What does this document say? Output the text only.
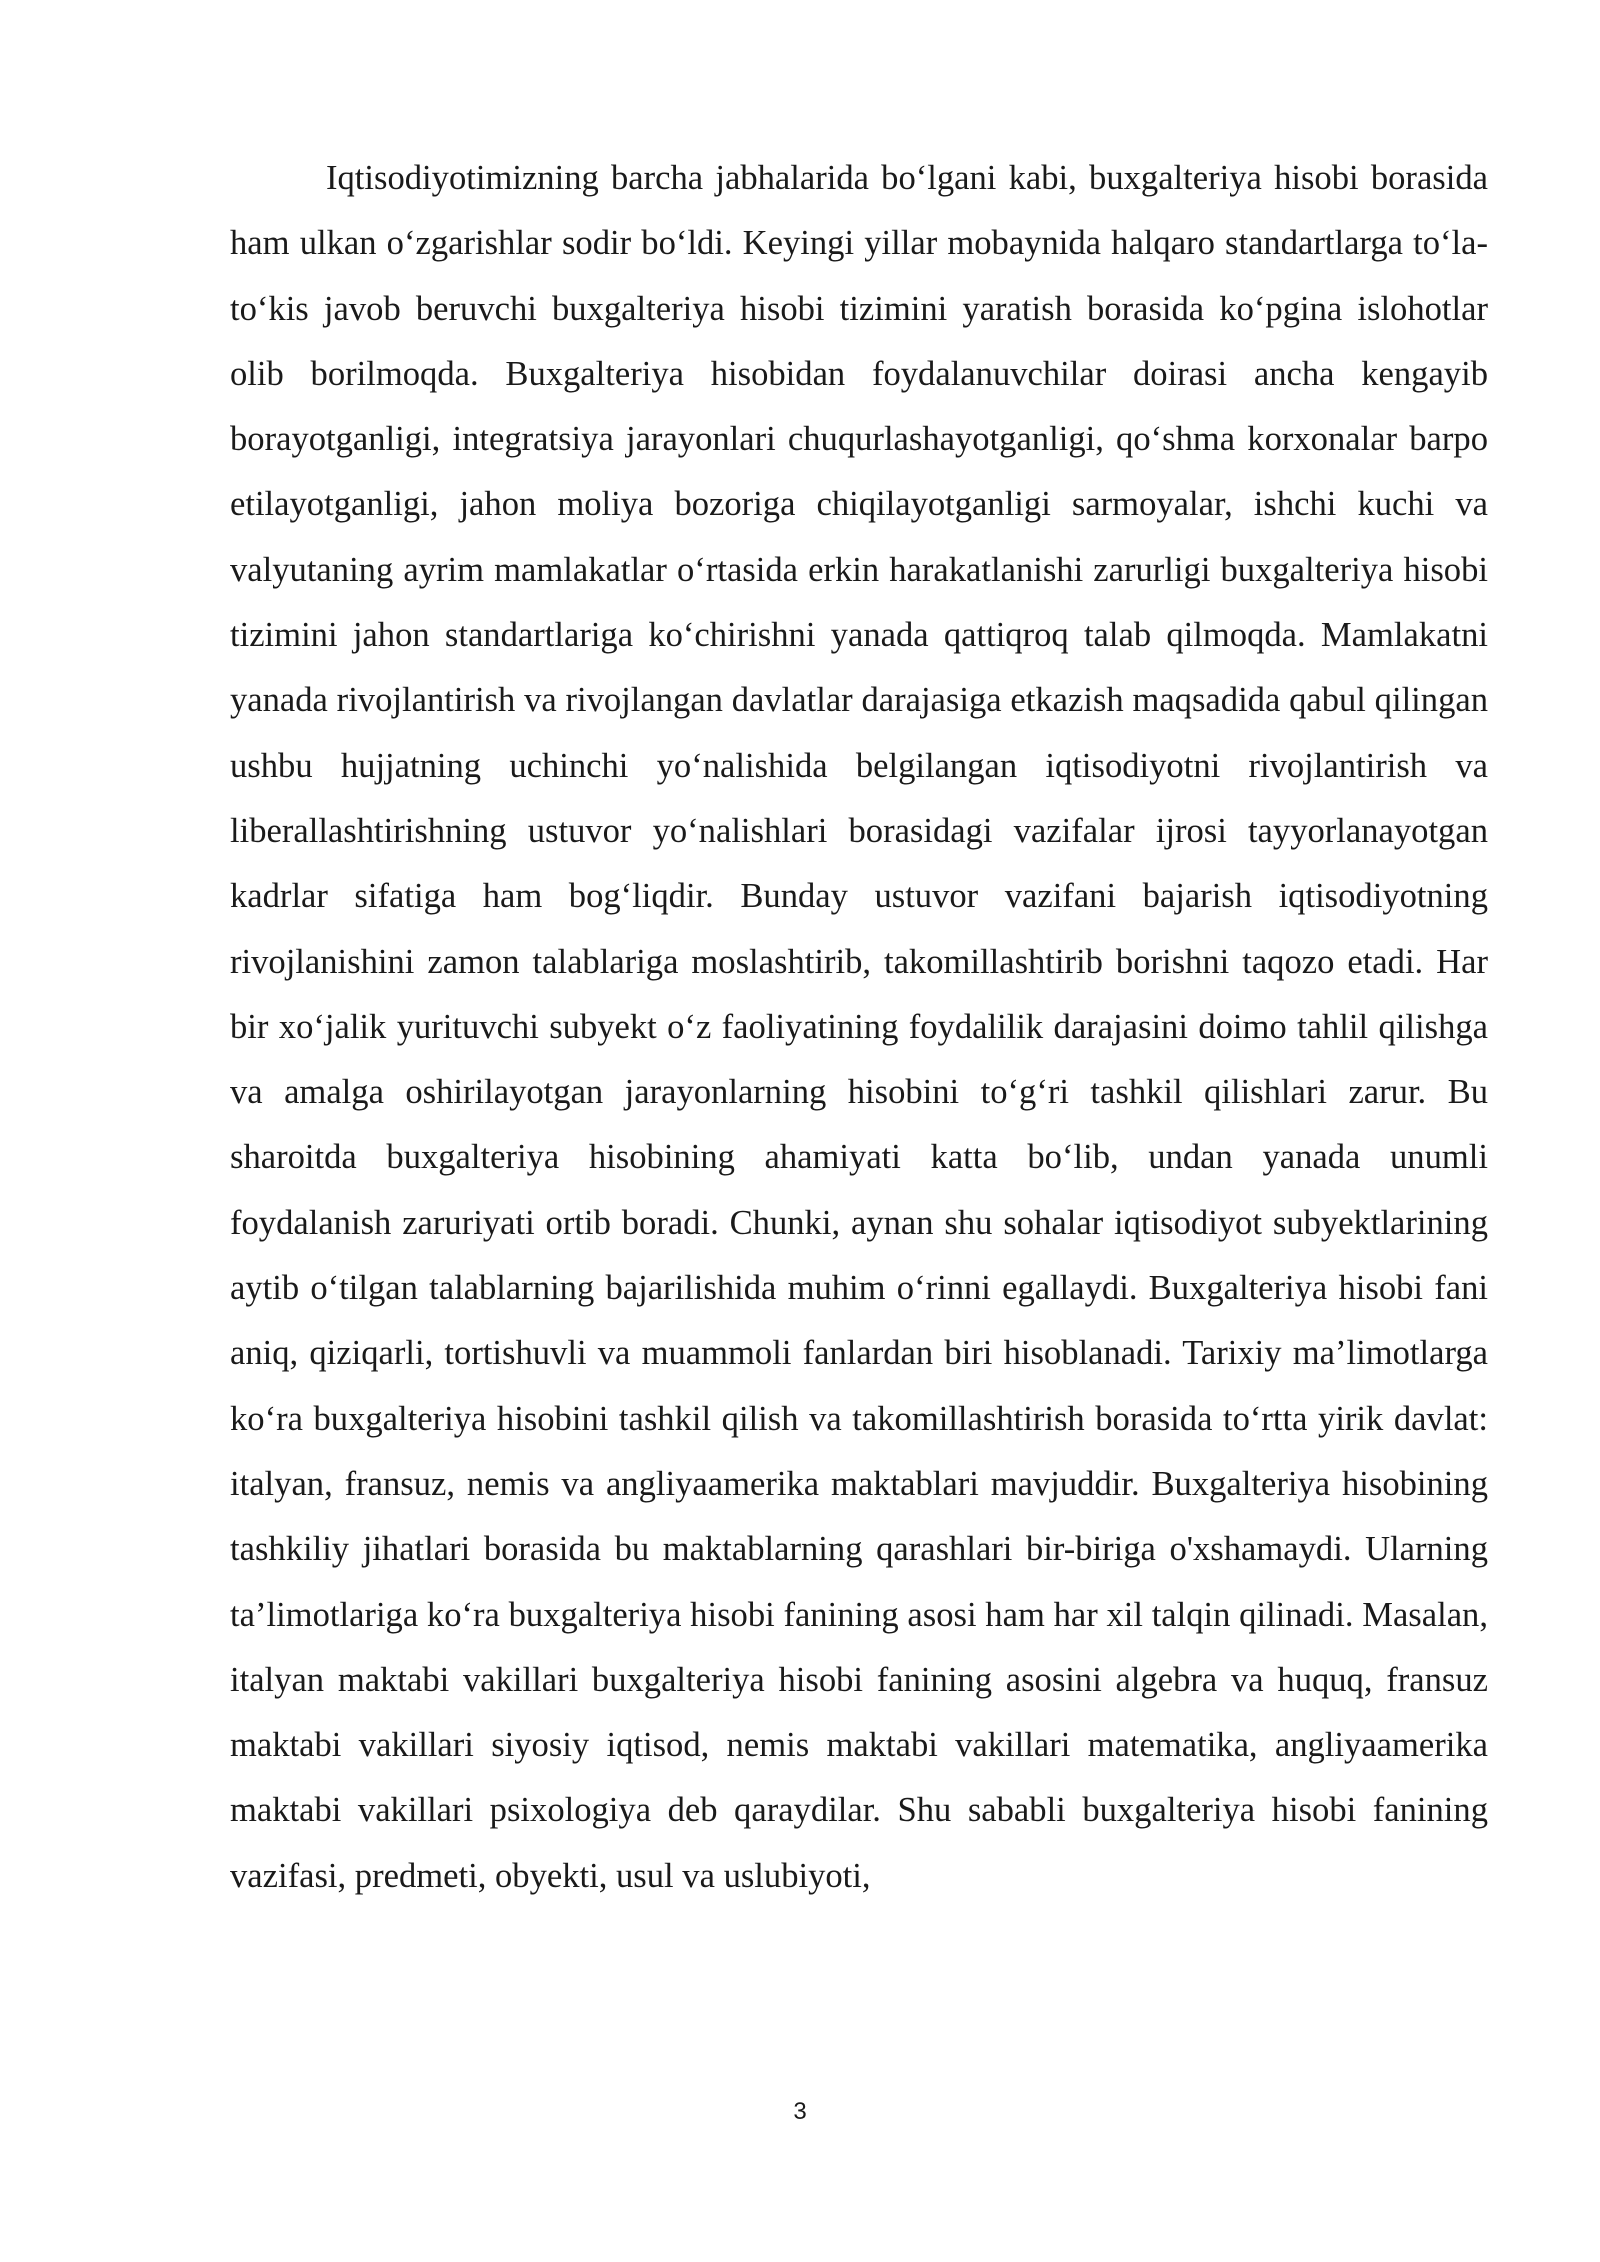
Iqtisodiyotimizning barcha jabhalarida bo‘lgani kabi, buxgalteriya hisobi borasida ham ulkan o‘zgarishlar sodir bo‘ldi. Keyingi yillar mobaynida halqaro standartlarga to‘la-to‘kis javob beruvchi buxgalteriya hisobi tizimini yaratish borasida ko‘pgina islohotlar olib borilmoqda. Buxgalteriya hisobidan foydalanuvchilar doirasi ancha kengayib borayotganligi, integratsiya jarayonlari chuqurlashayotganligi, qo‘shma korxonalar barpo etilayotganligi, jahon moliya bozoriga chiqilayotganligi sarmoyalar, ishchi kuchi va valyutaning ayrim mamlakatlar o‘rtasida erkin harakatlanishi zarurligi buxgalteriya hisobi tizimini jahon standartlariga ko‘chirishni yanada qattiqroq talab qilmoqda. Mamlakatni yanada rivojlantirish va rivojlangan davlatlar darajasiga etkazish maqsadida qabul qilingan ushbu hujjatning uchinchi yo‘nalishida belgilangan iqtisodiyotni rivojlantirish va liberallashtirishning ustuvor yo‘nalishlari borasidagi vazifalar ijrosi tayyorlanayotgan kadrlar sifatiga ham bog‘liqdir. Bunday ustuvor vazifani bajarish iqtisodiyotning rivojlanishini zamon talablariga moslashtirib, takomillashtirib borishni taqozo etadi. Har bir xo‘jalik yurituvchi subyekt o‘z faoliyatining foydalilik darajasini doimo tahlil qilishga va amalga oshirilayotgan jarayonlarning hisobini to‘g‘ri tashkil qilishlari zarur. Bu sharoitda buxgalteriya hisobining ahamiyati katta bo‘lib, undan yanada unumli foydalanish zaruriyati ortib boradi. Chunki, aynan shu sohalar iqtisodiyot subyektlarining aytib o‘tilgan talablarning bajarilishida muhim o‘rinni egallaydi. Buxgalteriya hisobi fani aniq, qiziqarli, tortishuvli va muammoli fanlardan biri hisoblanadi. Tarixiy ma’limotlarga ko‘ra buxgalteriya hisobini tashkil qilish va takomillashtirish borasida to‘rtta yirik davlat: italyan, fransuz, nemis va angliyaamerika maktablari mavjuddir. Buxgalteriya hisobining tashkiliy jihatlari borasida bu maktablarning qarashlari bir-biriga o'xshamaydi. Ularning ta’limotlariga ko‘ra buxgalteriya hisobi fanining asosi ham har xil talqin qilinadi. Masalan, italyan maktabi vakillari buxgalteriya hisobi fanining asosini algebra va huquq, fransuz maktabi vakillari siyosiy iqtisod, nemis maktabi vakillari matematika, angliyaamerika maktabi vakillari psixologiya deb qaraydilar. Shu sababli buxgalteriya hisobi fanining vazifasi, predmeti, obyekti, usul va uslubiyoti,

3
